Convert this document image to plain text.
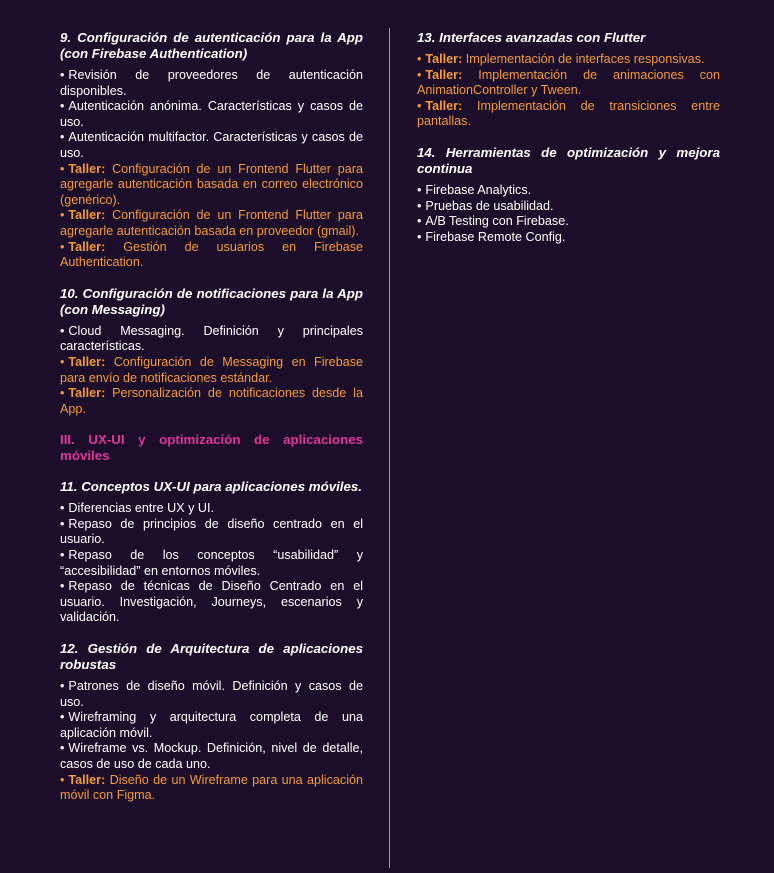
9. Configuración de autenticación para la App (con Firebase Authentication)

• Revisión de proveedores de autenticación disponibles.

• Autenticación anónima. Características y casos de uso.

• Autenticación multifactor. Características y casos de uso.

• Taller: Configuración de un Frontend Flutter para agregarle autenticación basada en correo electrónico (genérico).

• Taller: Configuración de un Frontend Flutter para agregarle autenticación basada en proveedor (gmail).

• Taller: Gestión de usuarios en Firebase Authentication.

10. Configuración de notificaciones para la App (con Messaging)

• Cloud Messaging. Definición y principales características.

• Taller: Configuración de Messaging en Firebase para envío de notificaciones estándar.

• Taller: Personalización de notificaciones desde la App.

III. UX-UI y optimización de aplicaciones móviles

11. Conceptos UX-UI para aplicaciones móviles.

• Diferencias entre UX y UI.

• Repaso de principios de diseño centrado en el usuario.

• Repaso de los conceptos “usabilidad” y “accesibilidad” en entornos móviles.

• Repaso de técnicas de Diseño Centrado en el usuario. Investigación, Journeys, escenarios y validación.

12. Gestión de Arquitectura de aplicaciones robustas

• Patrones de diseño móvil. Definición y casos de uso.

• Wireframing y arquitectura completa de una aplicación móvil.

• Wireframe vs. Mockup. Definición, nivel de detalle, casos de uso de cada uno.

• Taller: Diseño de un Wireframe para una aplicación móvil con Figma.

13. Interfaces avanzadas con Flutter

• Taller: Implementación de interfaces responsivas.

• Taller: Implementación de animaciones con AnimationController y Tween.

• Taller: Implementación de transiciones entre pantallas.

14. Herramientas de optimización y mejora continua

• Firebase Analytics.

• Pruebas de usabilidad.

• A/B Testing con Firebase.

• Firebase Remote Config.
